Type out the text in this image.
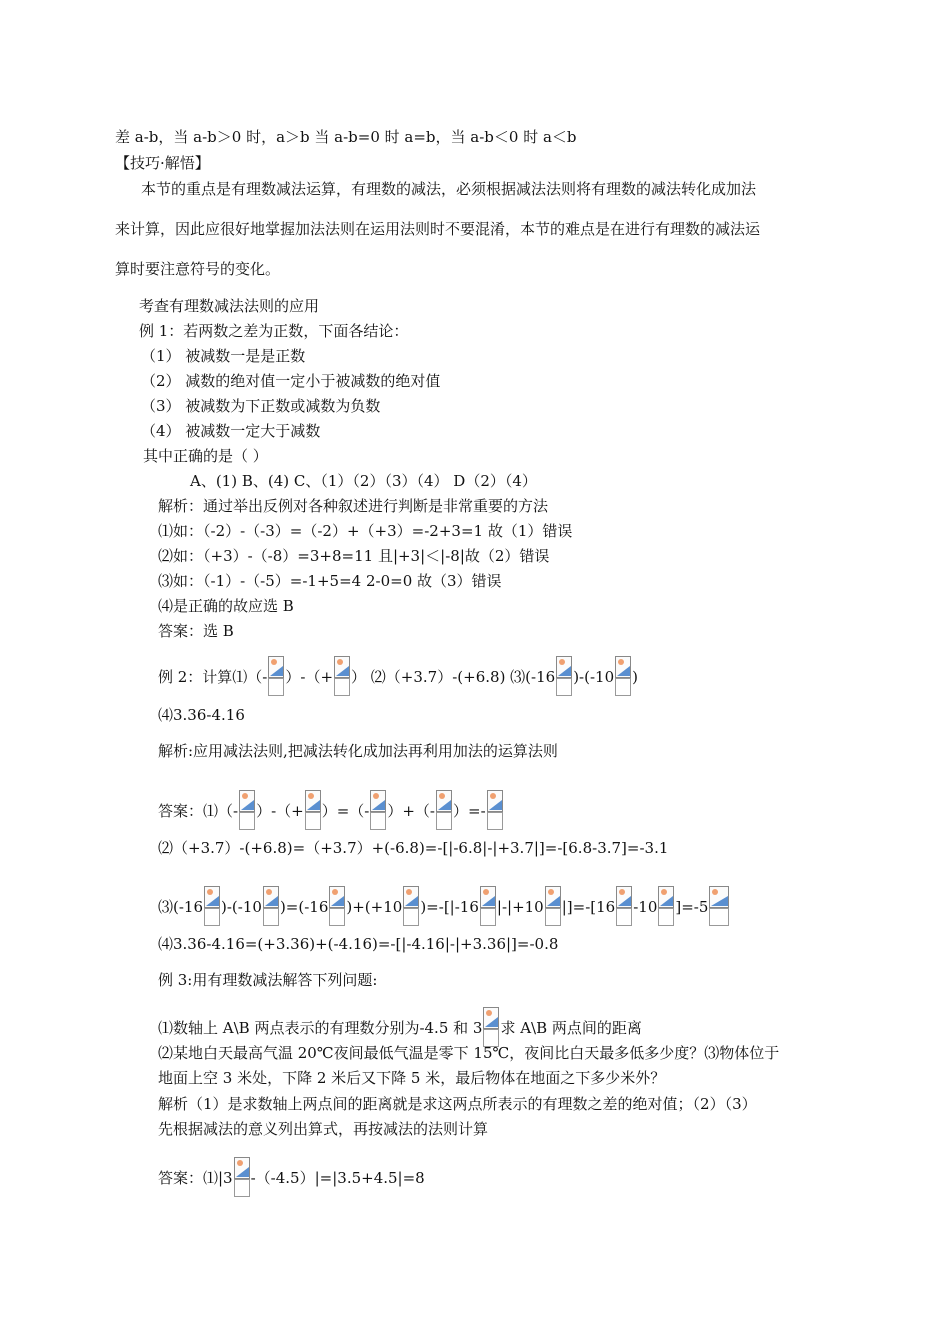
差 a-b，当 a-b＞0 时，a＞b 当 a-b=0 时 a=b，当 a-b＜0 时 a＜b
【技巧·解悟】
本节的重点是有理数减法运算，有理数的减法，必须根据减法法则将有理数的减法转化成加法
来计算，因此应很好地掌握加法法则在运用法则时不要混淆，本节的难点是在进行有理数的减法运
算时要注意符号的变化。
考查有理数减法法则的应用
例 1：若两数之差为正数，下面各结论：
（1） 被减数一是是正数
（2） 减数的绝对值一定小于被减数的绝对值
（3） 被减数为下正数或减数为负数
（4） 被减数一定大于减数
其中正确的是（ ）
A、(1) B、(4) C、（1）（2）（3）（4） D（2）（4）
解析：通过举出反例对各种叙述进行判断是非常重要的方法
⑴如：（-2）-（-3）=（-2）+（+3）=-2+3=1 故（1）错误
⑵如：（+3）-（-8）=3+8=11 且|+3|＜|-8|故（2）错误
⑶如：（-1）-（-5）=-1+5=4 2-0=0 故（3）错误
⑷是正确的故应选 B
答案：选 B
例 2：计算⑴（- ）-（+ ） ⑵（+3.7）-(+6.8) ⑶(-16 )-(-10 )
⑷3.36-4.16
解析:应用减法法则,把减法转化成加法再利用加法的运算法则
答案：⑴（- ）-（+ ）=（- ）+（- ）=-
⑵（+3.7）-(+6.8)=（+3.7）+(-6.8)=-[|-6.8|-|+3.7|]=-[6.8-3.7]=-3.1
⑶(-16 )-(-10 )=(-16 )+(+10 )=-[|-16 |-|+10 |]=-[16 -10 ]=-5
⑷3.36-4.16=(+3.36)+(-4.16)=-[|-4.16|-|+3.36|]=-0.8
例 3:用有理数减法解答下列问题:
⑴数轴上 A\B 两点表示的有理数分别为-4.5 和 3 求 A\B 两点间的距离
⑵某地白天最高气温 20℃夜间最低气温是零下 15℃，夜间比白天最多低多少度？⑶物体位于
地面上空 3 米处，下降 2 米后又下降 5 米，最后物体在地面之下多少米外？
解析（1）是求数轴上两点间的距离就是求这两点所表示的有理数之差的绝对值；（2）（3）
先根据减法的意义列出算式，再按减法的法则计算
答案：⑴|3 -（-4.5）|=|3.5+4.5|=8
